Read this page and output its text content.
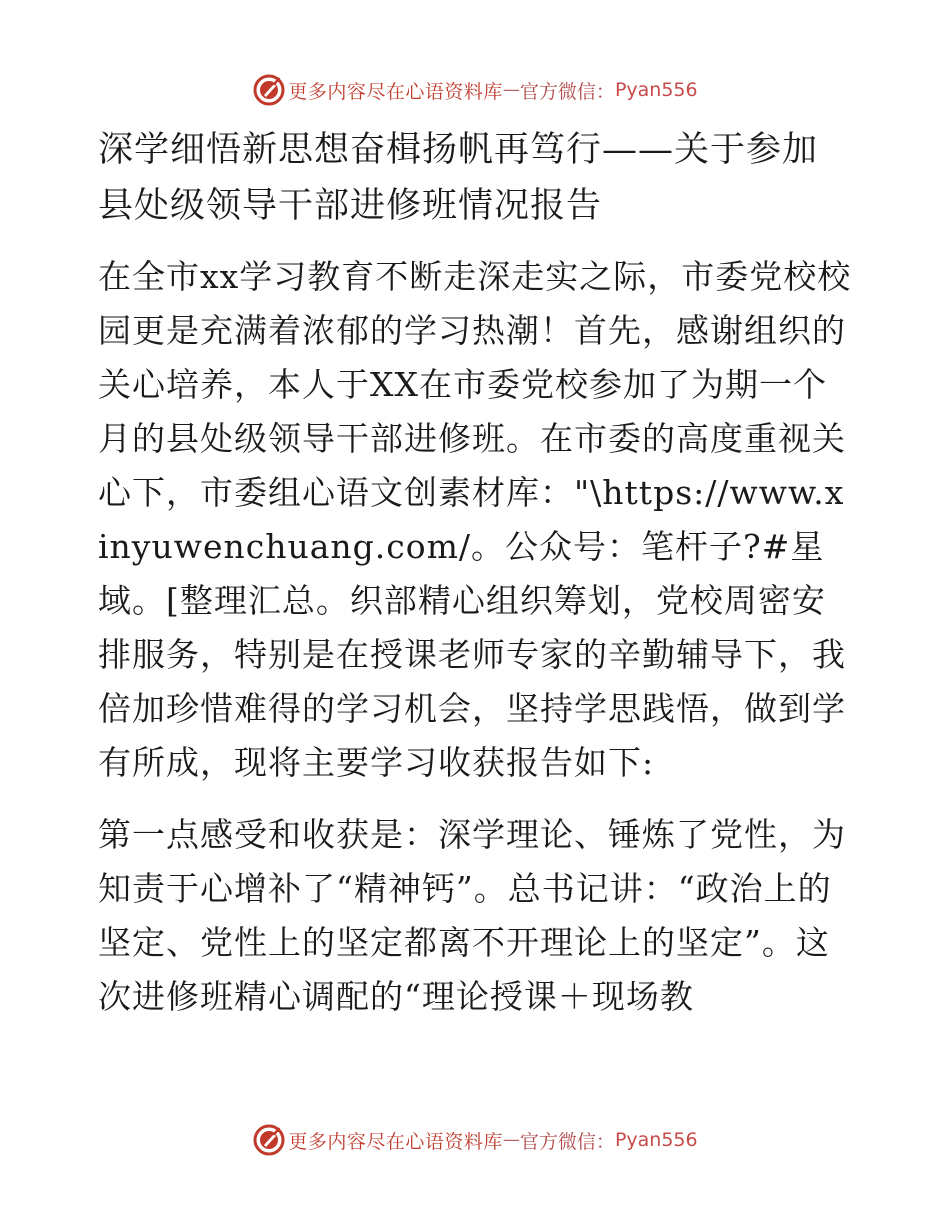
更多内容尽在心语资料库 — 官方微信： Pyan556
深学细悟新思想奋楫扬帆再笃行——关于参加县处级领导干部进修班情况报告

在全市xx学习教育不断走深走实之际，市委党校校园更是充满着浓郁的学习热潮！首先，感谢组织的关心培养，本人于XX在市委党校参加了为期一个月的县处级领导干部进修班。在市委的高度重视关心下，市委组心语文创素材库："\https://www.xinyuwenchuang.com/。公众号：笔杆子?#星域。[整理汇总。织部精心组织筹划，党校周密安排服务，特别是在授课老师专家的辛勤辅导下，我倍加珍惜难得的学习机会，坚持学思践悟，做到学有所成，现将主要学习收获报告如下:

第一点感受和收获是：深学理论、锤炼了党性，为知责于心增补了“精神钙”。总书记讲：“政治上的坚定、党性上的坚定都离不开理论上的坚定”。这次进修班精心调配的“理论授课＋现场教

更多内容尽在心语资料库 — 官方微信： Pyan556
